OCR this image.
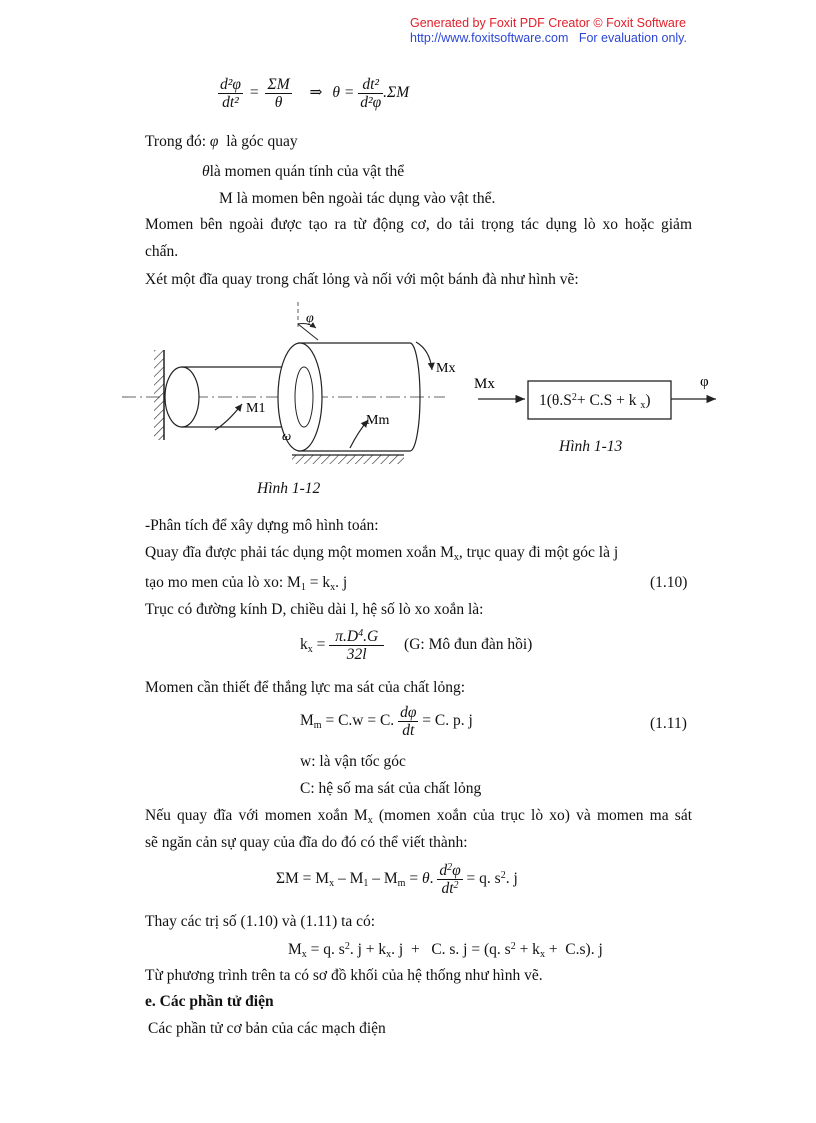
Generated by Foxit PDF Creator © Foxit Software
http://www.foxitsoftware.com For evaluation only.
$\frac{\text{d²φ}}{\text{dt²}} = \frac{\Sigma M}{\theta}$ ⇒ $\theta = \frac{\text{dt²}}{\text{d²φ}} .\Sigma M$
Trong đó: φ là góc quay
θlà momen quán tính của vật thể
M là momen bên ngoài tác dụng vào vật thể.
Momen bên ngoài được tạo ra từ động cơ, do tải trọng tác dụng lò xo hoặc giảm
chấn.
Xét một đĩa quay trong chất lỏng và nối với một bánh đà như hình vẽ:
φ
Mx
M1
Mm
ω
Hình 1-12
Mx	φ
$1(\theta.S^2+ C.S + k$ $_x$)
Hình 1-13
-Phân tích để xây dựng mô hình toán:
Quay đĩa được phải tác dụng một momen xoắn $M_x$, trục quay đi một góc là j
tạo mo men của lò xo: $M_1 = k_x$. j	(1.10)
Trục có đường kính D, chiều dài l, hệ số lò xo xoắn là:
$k_x = \frac{\pi.D^4.G}{32l} (G$: Mô đun đàn hồi)
Momen cần thiết để thắng lực ma sát của chất lỏng:
$M_m = C.w = C$. $\frac{d\varphi}{dt} = C$. p. j	(1.11)
w: là vận tốc góc
C: hệ số ma sát của chất lỏng
Nếu quay đĩa với momen xoắn $M_x$ (momen xoắn của trục lò xo) và momen ma sát
sẽ ngăn cản sự quay của đĩa do đó có thể viết thành:
$\Sigma M = M_x - M_1 - M_m = \theta$. $\frac{d^2\varphi}{dt^2} = q$. $s^2$. j
Thay các trị số (1.10) và (1.11) ta có:
$M_x = q$. $s^2$. $j + k_x$. j  +   C. s. j = (q. $s^2 + k_x + C.s$). j
Từ phương trình trên ta có sơ đồ khối của hệ thống như hình vẽ.
e. Các phần tử điện
Các phần tử cơ bản của các mạch điện
